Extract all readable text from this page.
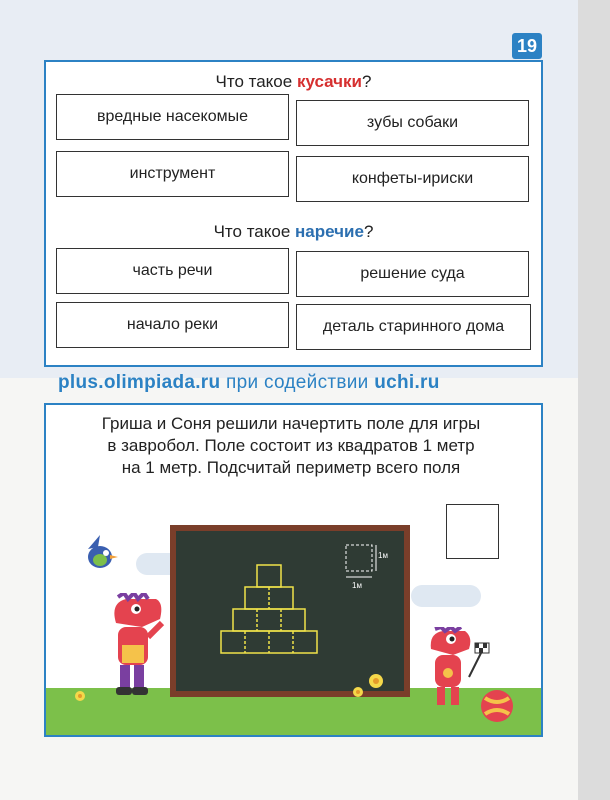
19
Что такое кусачки?
вредные насекомые	зубы собаки
инструмент	конфеты-ириски
Что такое наречие?
часть речи	решение суда
начало реки	деталь старинного дома
plus.olimpiada.ru при содействии uchi.ru
Гриша и Соня решили начертить поле для игры
в завробол. Поле состоит из квадратов 1 метр
на 1 метр. Подсчитай периметр всего поля
1м
1м
